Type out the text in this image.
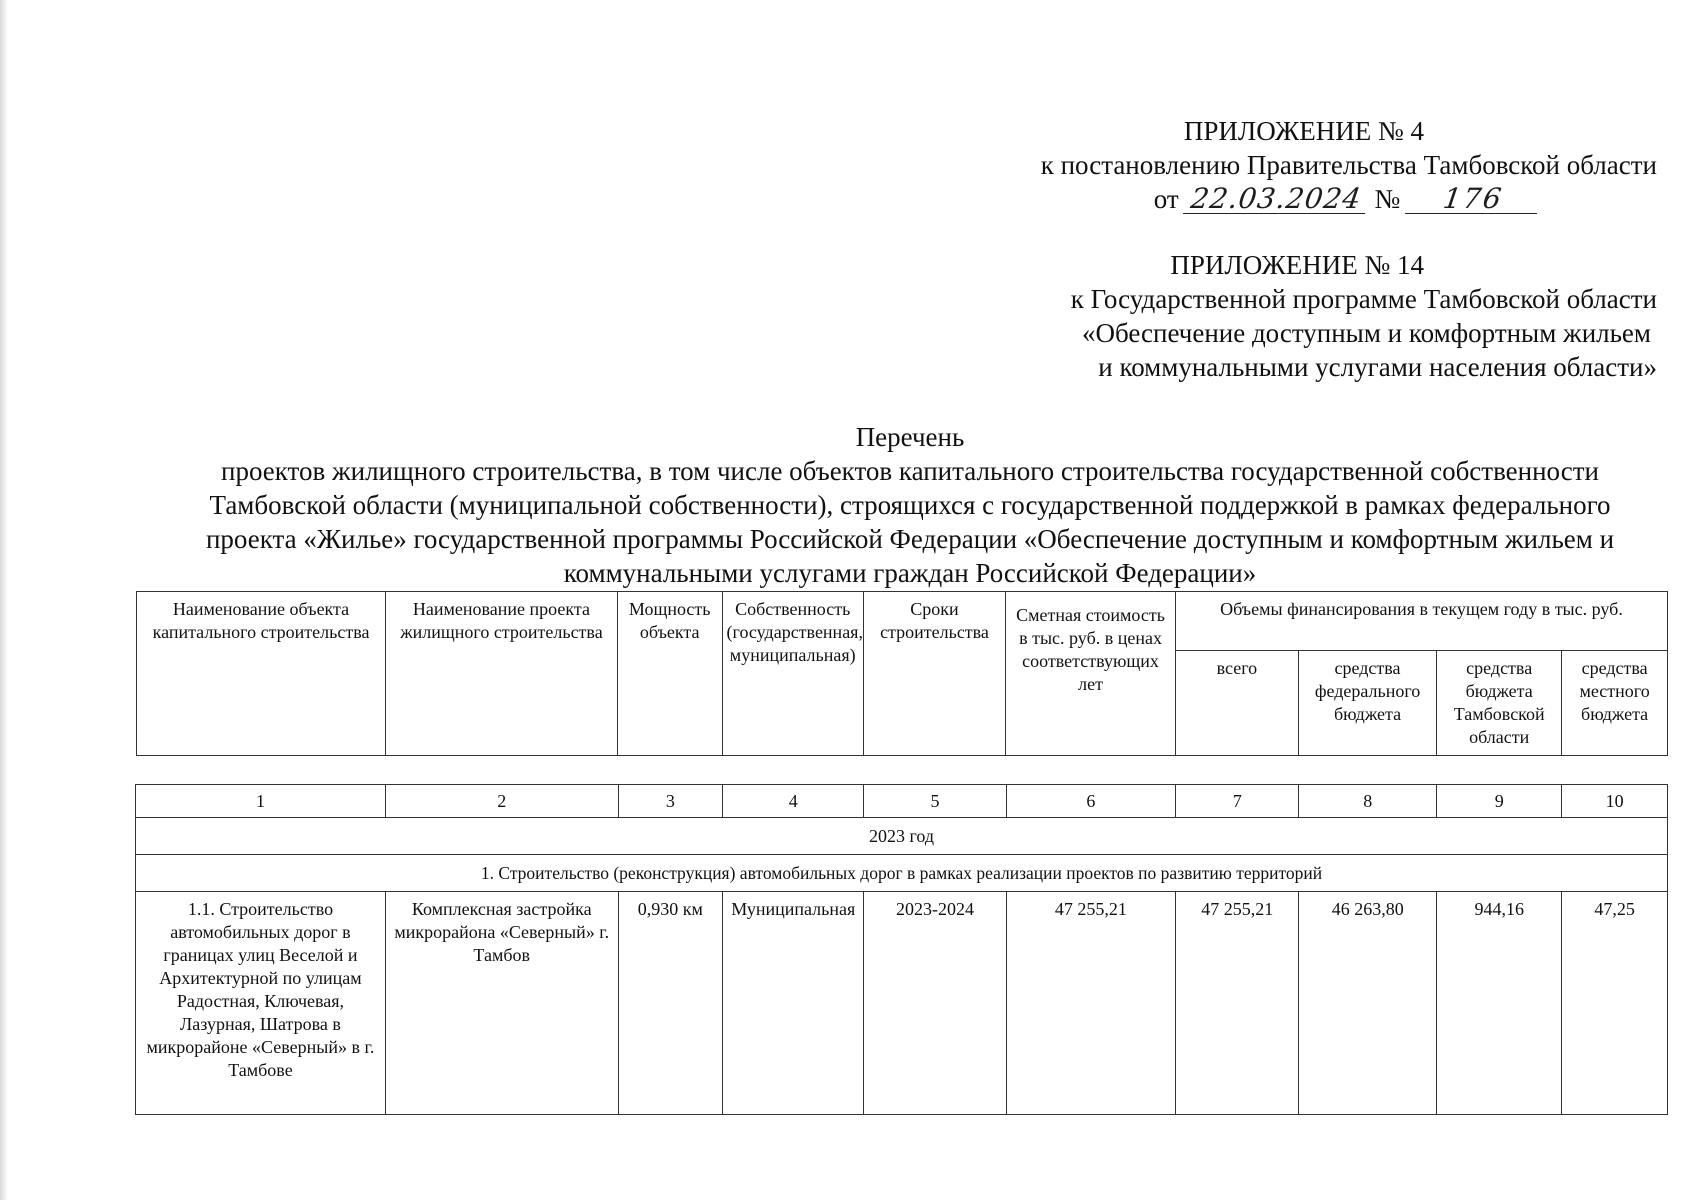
ПРИЛОЖЕНИЕ № 4
к постановлению Правительства Тамбовской области
от 22.03.2024 № 176
ПРИЛОЖЕНИЕ № 14
к Государственной программе Тамбовской области
«Обеспечение доступным и комфортным жильем
и коммунальными услугами населения области»
Перечень
проектов жилищного строительства, в том числе объектов капитального строительства государственной собственности
Тамбовской области (муниципальной собственности), строящихся с государственной поддержкой в рамках федерального
проекта «Жилье» государственной программы Российской Федерации «Обеспечение доступным и комфортным жильем и
коммунальными услугами граждан Российской Федерации»
Наименование объекта капитального строительства	Наименование проекта жилищного строительства	Мощность объекта	Собственность (государственная, муниципальная)	Сроки строительства	Сметная стоимость в тыс. руб. в ценах соответствующих лет	Объемы финансирования в текущем году в тыс. руб.			
						всего	средства федерального бюджета	средства бюджета Тамбовской области	средства местного бюджета
1	2	3	4	5	6	7	8	9	10
2023 год									
1. Строительство (реконструкция) автомобильных дорог в рамках реализации проектов по развитию территорий									
1.1. Строительство автомобильных дорог в границах улиц Веселой и Архитектурной по улицам Радостная, Ключевая, Лазурная, Шатрова в микрорайоне «Северный» в г. Тамбове	Комплексная застройка микрорайона «Северный» г. Тамбов	0,930 км	Муниципальная	2023-2024	47 255,21	47 255,21	46 263,80	944,16	47,25
